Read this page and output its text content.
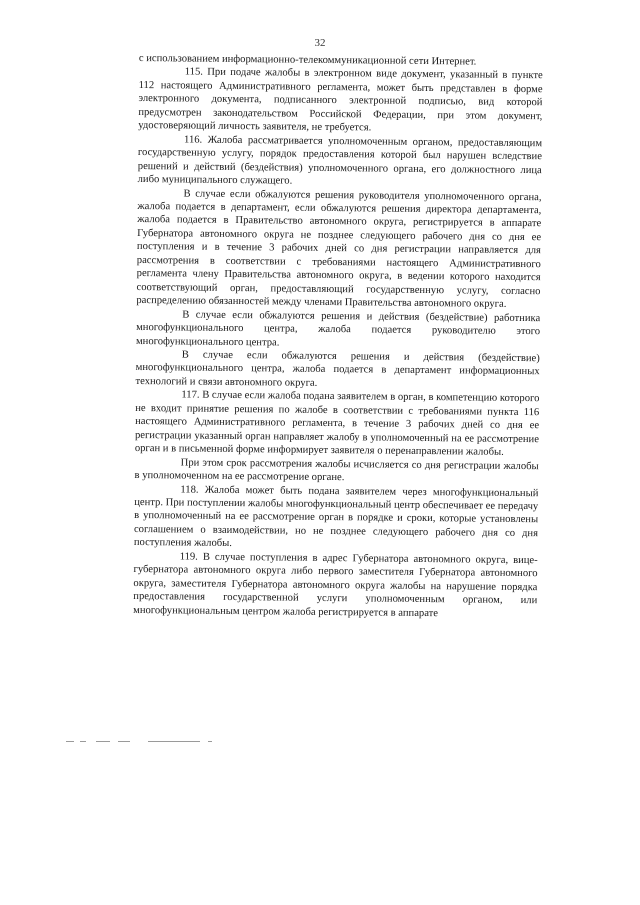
32

с использованием информационно-телекоммуникационной сети Интернет.

115. При подаче жалобы в электронном виде документ, указанный в пункте 112 настоящего Административного регламента, может быть представлен в форме электронного документа, подписанного электронной подписью, вид которой предусмотрен законодательством Российской Федерации, при этом документ, удостоверяющий личность заявителя, не требуется.

116. Жалоба рассматривается уполномоченным органом, предоставляющим государственную услугу, порядок предоставления которой был нарушен вследствие решений и действий (бездействия) уполномоченного органа, его должностного лица либо муниципального служащего.

В случае если обжалуются решения руководителя уполномоченного органа, жалоба подается в департамент, если обжалуются решения директора департамента, жалоба подается в Правительство автономного округа, регистрируется в аппарате Губернатора автономного округа не позднее следующего рабочего дня со дня ее поступления и в течение 3 рабочих дней со дня регистрации направляется для рассмотрения в соответствии с требованиями настоящего Административного регламента члену Правительства автономного округа, в ведении которого находится соответствующий орган, предоставляющий государственную услугу, согласно распределению обязанностей между членами Правительства автономного округа.

В случае если обжалуются решения и действия (бездействие) работника многофункционального центра, жалоба подается руководителю этого многофункционального центра.

В случае если обжалуются решения и действия (бездействие) многофункционального центра, жалоба подается в департамент информационных технологий и связи автономного округа.

117. В случае если жалоба подана заявителем в орган, в компетенцию которого не входит принятие решения по жалобе в соответствии с требованиями пункта 116 настоящего Административного регламента, в течение 3 рабочих дней со дня ее регистрации указанный орган направляет жалобу в уполномоченный на ее рассмотрение орган и в письменной форме информирует заявителя о перенаправлении жалобы.

При этом срок рассмотрения жалобы исчисляется со дня регистрации жалобы в уполномоченном на ее рассмотрение органе.

118. Жалоба может быть подана заявителем через многофункциональный центр. При поступлении жалобы многофункциональный центр обеспечивает ее передачу в уполномоченный на ее рассмотрение орган в порядке и сроки, которые установлены соглашением о взаимодействии, но не позднее следующего рабочего дня со дня поступления жалобы.

119. В случае поступления в адрес Губернатора автономного округа, вице-губернатора автономного округа либо первого заместителя Губернатора автономного округа, заместителя Губернатора автономного округа жалобы на нарушение порядка предоставления государственной услуги уполномоченным органом, или многофункциональным центром жалоба регистрируется в аппарате
